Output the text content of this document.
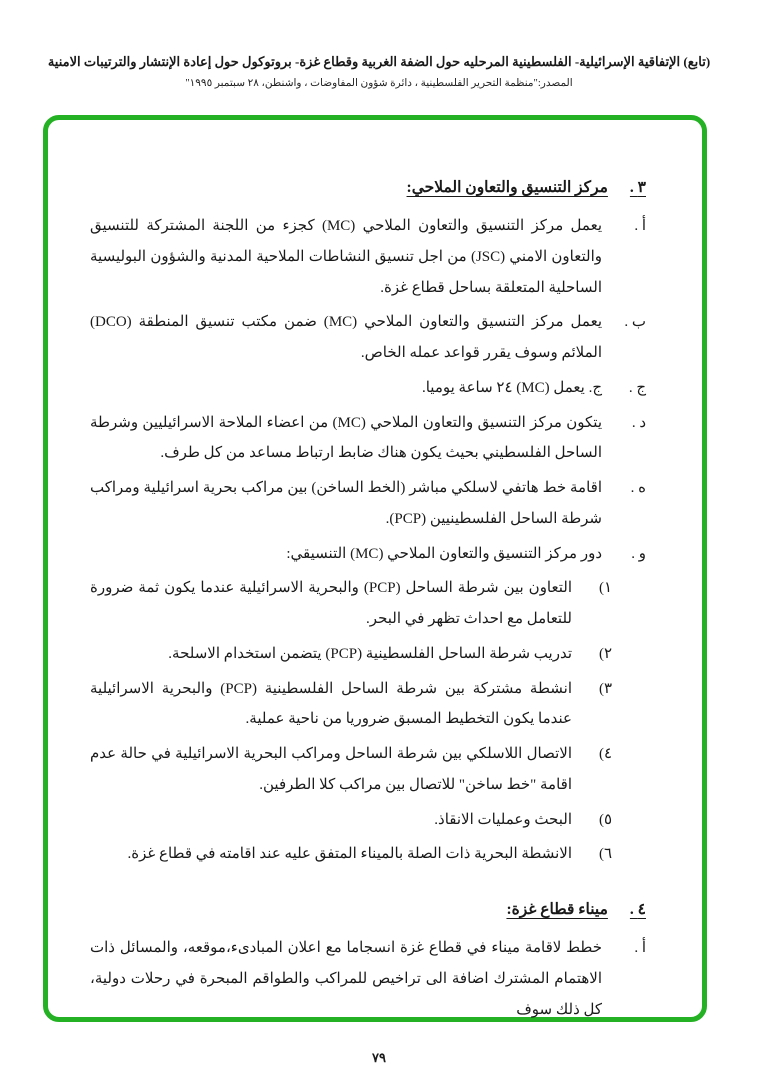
(تابع) الإتفاقية الإسرائيلية- الفلسطينية المرحليه حول الضفة الغربية وقطاع غزة- بروتوكول حول إعادة الإنتشار والترتيبات الامنية
المصدر:"منظمة التحرير الفلسطينية ، دائرة شؤون المفاوضات ، واشنطن، ٢٨ سبتمبر ١٩٩٥"
٣ .
مركز التنسيق والتعاون الملاحي:
أ .
يعمل مركز التنسيق والتعاون الملاحي (MC) كجزء من اللجنة المشتركة للتنسيق والتعاون الامني (JSC) من اجل تنسيق النشاطات الملاحية المدنية والشؤون البوليسية الساحلية المتعلقة بساحل قطاع غزة.
ب .
يعمل مركز التنسيق والتعاون الملاحي (MC) ضمن مكتب تنسيق المنطقة (DCO) الملائم وسوف يقرر قواعد عمله الخاص.
ج .
ج. يعمل (MC) ٢٤ ساعة يوميا.
د .
يتكون مركز التنسيق والتعاون الملاحي (MC) من اعضاء الملاحة الاسرائيليين وشرطة الساحل الفلسطيني بحيث يكون هناك ضابط ارتباط مساعد من كل طرف.
ه .
اقامة خط هاتفي لاسلكي مباشر (الخط الساخن) بين مراكب بحرية اسرائيلية ومراكب شرطة الساحل الفلسطينيين (PCP).
و .
دور مركز التنسيق والتعاون الملاحي (MC) التنسيقي:
١)
التعاون بين شرطة الساحل (PCP) والبحرية الاسرائيلية عندما يكون ثمة ضرورة للتعامل مع احداث تظهر في البحر.
٢)
تدريب شرطة الساحل الفلسطينية (PCP) يتضمن استخدام الاسلحة.
٣)
انشطة مشتركة بين شرطة الساحل الفلسطينية (PCP) والبحرية الاسرائيلية عندما يكون التخطيط المسبق ضروريا من ناحية عملية.
٤)
الاتصال اللاسلكي بين شرطة الساحل ومراكب البحرية الاسرائيلية في حالة عدم اقامة "خط ساخن" للاتصال بين مراكب كلا الطرفين.
٥)
البحث وعمليات الانقاذ.
٦)
الانشطة البحرية ذات الصلة بالميناء المتفق عليه عند اقامته في قطاع غزة.
٤ .
ميناء قطاع غزة:
أ .
خطط لاقامة ميناء في قطاع غزة انسجاما مع اعلان المبادىء،موقعه، والمسائل ذات الاهتمام المشترك اضافة الى تراخيص للمراكب والطواقم المبحرة في رحلات دولية، كل ذلك سوف
٧٩
